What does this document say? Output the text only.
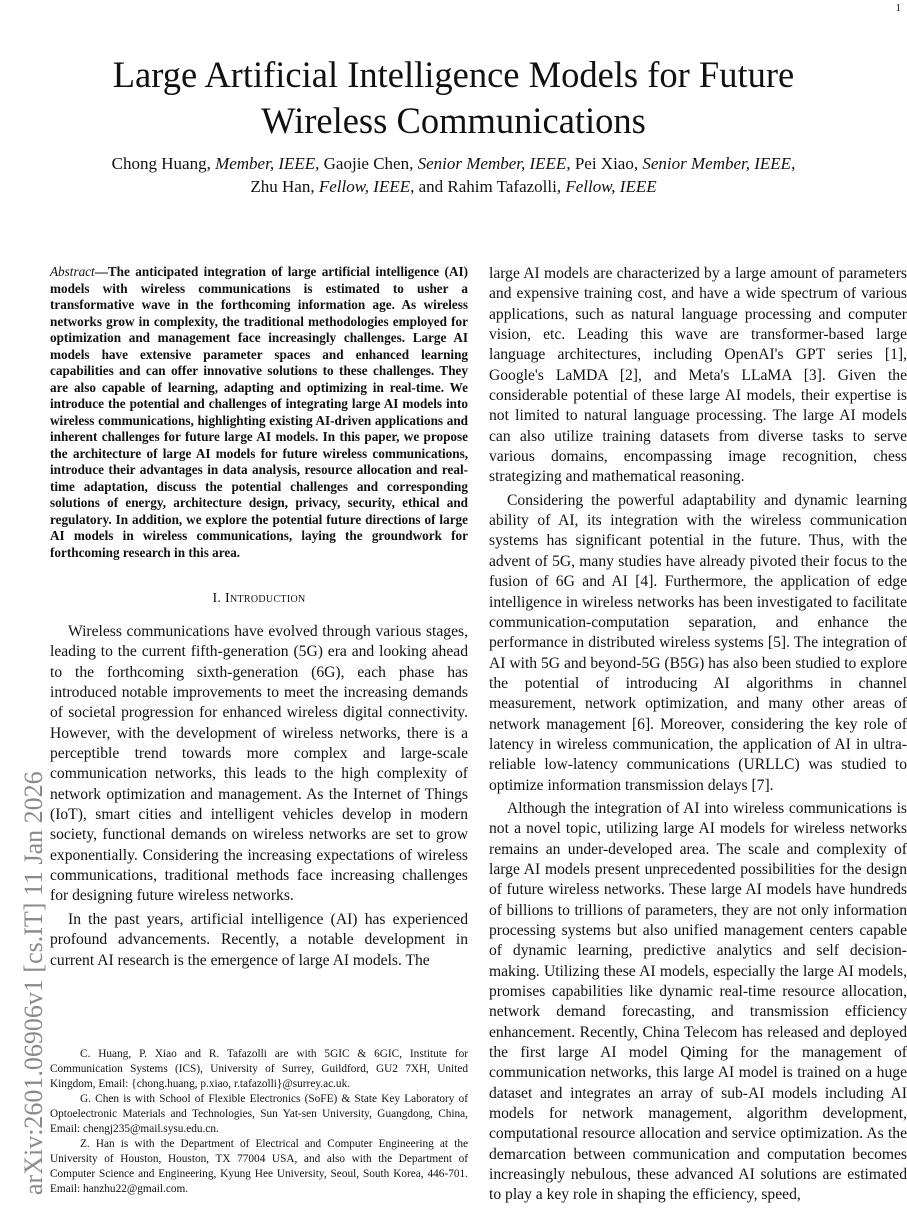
1
arXiv:2601.06906v1 [cs.IT] 11 Jan 2026
Large Artificial Intelligence Models for Future Wireless Communications
Chong Huang, Member, IEEE, Gaojie Chen, Senior Member, IEEE, Pei Xiao, Senior Member, IEEE,
Zhu Han, Fellow, IEEE, and Rahim Tafazolli, Fellow, IEEE

Abstract—The anticipated integration of large artificial intelligence (AI) models with wireless communications is estimated to usher a transformative wave in the forthcoming information age. As wireless networks grow in complexity, the traditional methodologies employed for optimization and management face increasingly challenges. Large AI models have extensive parameter spaces and enhanced learning capabilities and can offer innovative solutions to these challenges. They are also capable of learning, adapting and optimizing in real-time. We introduce the potential and challenges of integrating large AI models into wireless communications, highlighting existing AI-driven applications and inherent challenges for future large AI models. In this paper, we propose the architecture of large AI models for future wireless communications, introduce their advantages in data analysis, resource allocation and real-time adaptation, discuss the potential challenges and corresponding solutions of energy, architecture design, privacy, security, ethical and regulatory. In addition, we explore the potential future directions of large AI models in wireless communications, laying the groundwork for forthcoming research in this area.

I. Introduction

Wireless communications have evolved through various stages, leading to the current fifth-generation (5G) era and looking ahead to the forthcoming sixth-generation (6G), each phase has introduced notable improvements to meet the increasing demands of societal progression for enhanced wireless digital connectivity. However, with the development of wireless networks, there is a perceptible trend towards more complex and large-scale communication networks, this leads to the high complexity of network optimization and management. As the Internet of Things (IoT), smart cities and intelligent vehicles develop in modern society, functional demands on wireless networks are set to grow exponentially. Considering the increasing expectations of wireless communications, traditional methods face increasing challenges for designing future wireless networks.

In the past years, artificial intelligence (AI) has experienced profound advancements. Recently, a notable development in current AI research is the emergence of large AI models. The

C. Huang, P. Xiao and R. Tafazolli are with 5GIC & 6GIC, Institute for Communication Systems (ICS), University of Surrey, Guildford, GU2 7XH, United Kingdom, Email: {chong.huang, p.xiao, r.tafazolli}@surrey.ac.uk.

G. Chen is with School of Flexible Electronics (SoFE) & State Key Laboratory of Optoelectronic Materials and Technologies, Sun Yat-sen University, Guangdong, China, Email: chengj235@mail.sysu.edu.cn.

Z. Han is with the Department of Electrical and Computer Engineering at the University of Houston, Houston, TX 77004 USA, and also with the Department of Computer Science and Engineering, Kyung Hee University, Seoul, South Korea, 446-701. Email: hanzhu22@gmail.com.

large AI models are characterized by a large amount of parameters and expensive training cost, and have a wide spectrum of various applications, such as natural language processing and computer vision, etc. Leading this wave are transformer-based large language architectures, including OpenAI's GPT series [1], Google's LaMDA [2], and Meta's LLaMA [3]. Given the considerable potential of these large AI models, their expertise is not limited to natural language processing. The large AI models can also utilize training datasets from diverse tasks to serve various domains, encompassing image recognition, chess strategizing and mathematical reasoning.

Considering the powerful adaptability and dynamic learning ability of AI, its integration with the wireless communication systems has significant potential in the future. Thus, with the advent of 5G, many studies have already pivoted their focus to the fusion of 6G and AI [4]. Furthermore, the application of edge intelligence in wireless networks has been investigated to facilitate communication-computation separation, and enhance the performance in distributed wireless systems [5]. The integration of AI with 5G and beyond-5G (B5G) has also been studied to explore the potential of introducing AI algorithms in channel measurement, network optimization, and many other areas of network management [6]. Moreover, considering the key role of latency in wireless communication, the application of AI in ultra-reliable low-latency communications (URLLC) was studied to optimize information transmission delays [7].

Although the integration of AI into wireless communications is not a novel topic, utilizing large AI models for wireless networks remains an under-developed area. The scale and complexity of large AI models present unprecedented possibilities for the design of future wireless networks. These large AI models have hundreds of billions to trillions of parameters, they are not only information processing systems but also unified management centers capable of dynamic learning, predictive analytics and self decision-making. Utilizing these AI models, especially the large AI models, promises capabilities like dynamic real-time resource allocation, network demand forecasting, and transmission efficiency enhancement. Recently, China Telecom has released and deployed the first large AI model Qiming for the management of communication networks, this large AI model is trained on a huge dataset and integrates an array of sub-AI models including AI models for network management, algorithm development, computational resource allocation and service optimization. As the demarcation between communication and computation becomes increasingly nebulous, these advanced AI solutions are estimated to play a key role in shaping the efficiency, speed,
